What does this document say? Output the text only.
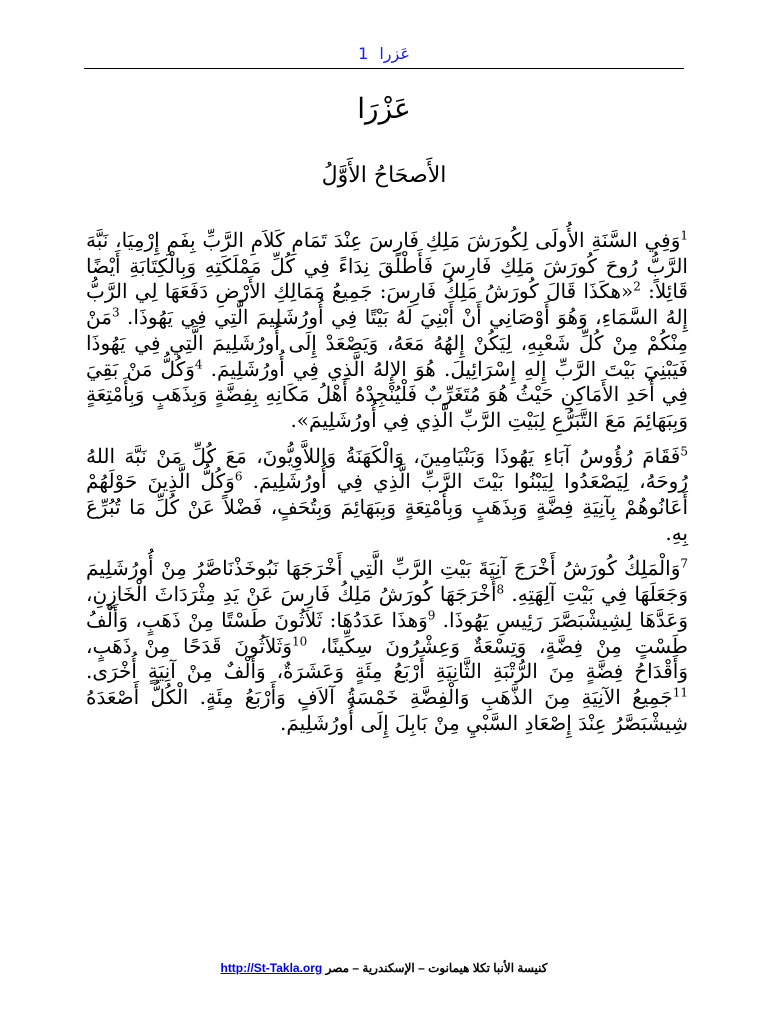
عَزرا 1
عَزْرَا
الأَصحَاحُ الأَوَّلُ

$^1$وَفِي السَّنَةِ الأُولَى لِكُورَشَ مَلِكِ فَارِسَ عِنْدَ تَمَامِ كَلاَمِ الرَّبِّ بِفَمِ إِرْمِيَا، نَبَّهَ الرَّبُّ رُوحَ كُورَشَ مَلِكِ فَارِسَ فَأَطْلَقَ نِدَاءً فِي كُلِّ مَمْلَكَتِهِ وَبِالْكِتَابَةِ أَيْضًا قَائِلاً: $^2$«هكَذَا قَالَ كُورَشُ مَلِكُ فَارِسَ: جَمِيعُ مَمَالِكِ الأَرْضِ دَفَعَهَا لِي الرَّبُّ إِلهُ السَّمَاءِ، وَهُوَ أَوْصَانِي أَنْ أَبْنِيَ لَهُ بَيْتًا فِي أُورُشَلِيمَ الَّتِي فِي يَهُوذَا. $^3$مَنْ مِنْكُمْ مِنْ كُلِّ شَعْبِهِ، لِيَكُنْ إِلهُهُ مَعَهُ، وَيَصْعَدْ إِلَى أُورُشَلِيمَ الَّتِي فِي يَهُوذَا فَيَبْنِيَ بَيْتَ الرَّبِّ إِلهِ إِسْرَائِيلَ. هُوَ الإِلهُ الَّذِي فِي أُورُشَلِيمَ. $^4$وَكُلُّ مَنْ بَقِيَ فِي أَحَدِ الأَمَاكِنِ حَيْثُ هُوَ مُتَغَرِّبٌ فَلْيُنْجِدْهُ أَهْلُ مَكَانِهِ بِفِضَّةٍ وَبِذَهَبٍ وَبِأَمْتِعَةٍ وَبِبَهَائِمَ مَعَ التَّبَرُّعِ لِبَيْتِ الرَّبِّ الَّذِي فِي أُورُشَلِيمَ».

$^5$فَقَامَ رُؤُوسُ آبَاءِ يَهُوذَا وَبَنْيَامِينَ، وَالْكَهَنَةُ وَاللاَّوِيُّونَ، مَعَ كُلِّ مَنْ نَبَّهَ اللهُ رُوحَهُ، لِيَصْعَدُوا لِيَبْنُوا بَيْتَ الرَّبِّ الَّذِي فِي أُورُشَلِيمَ. $^6$وَكُلُّ الَّذِينَ حَوْلَهُمْ أَعَانُوهُمْ بِآنِيَةِ فِضَّةٍ وَبِذَهَبٍ وَبِأَمْتِعَةٍ وَبِبَهَائِمَ وَبِتُحَفٍ، فَضْلاً عَنْ كُلِّ مَا تُبُرِّعَ بِهِ.

$^7$وَالْمَلِكُ كُورَشُ أَخْرَجَ آنِيَةَ بَيْتِ الرَّبِّ الَّتِي أَخْرَجَهَا نَبُوخَذْنَاصَّرُ مِنْ أُورُشَلِيمَ وَجَعَلَهَا فِي بَيْتِ آلِهَتِهِ. $^8$أَخْرَجَهَا كُورَشُ مَلِكُ فَارِسَ عَنْ يَدِ مِثْرَدَاثَ الْخَازِنِ، وَعَدَّهَا لِشِيشْبَصَّرَ رَئِيسِ يَهُوذَا. $^9$وَهذَا عَدَدُهَا: ثَلاَثُونَ طَسْتًا مِنْ ذَهَبٍ، وَأَلْفُ طَسْتٍ مِنْ فِضَّةٍ، وَتِسْعَةٌ وَعِشْرُونَ سِكِّينًا، $^{10}$وَثَلاَثُونَ قَدَحًا مِنْ ذَهَبٍ، وَأَقْدَاحُ فِضَّةٍ مِنَ الرُّتْبَةِ الثَّانِيَةِ أَرْبَعُ مِئَةٍ وَعَشَرَةٌ، وَأَلْفٌ مِنْ آنِيَةٍ أُخْرَى. $^{11}$جَمِيعُ الآنِيَةِ مِنَ الذَّهَبِ وَالْفِضَّةِ خَمْسَةُ آلاَفٍ وَأَرْبَعُ مِئَةٍ. الْكُلُّ أَصْعَدَهُ شِيشْبَصَّرُ عِنْدَ إِصْعَادِ السَّبْيِ مِنْ بَابِلَ إِلَى أُورُشَلِيمَ.

كنيسة الأنبا تكلا هيمانوت – الإسكندرية – مصر http://St-Takla.org
